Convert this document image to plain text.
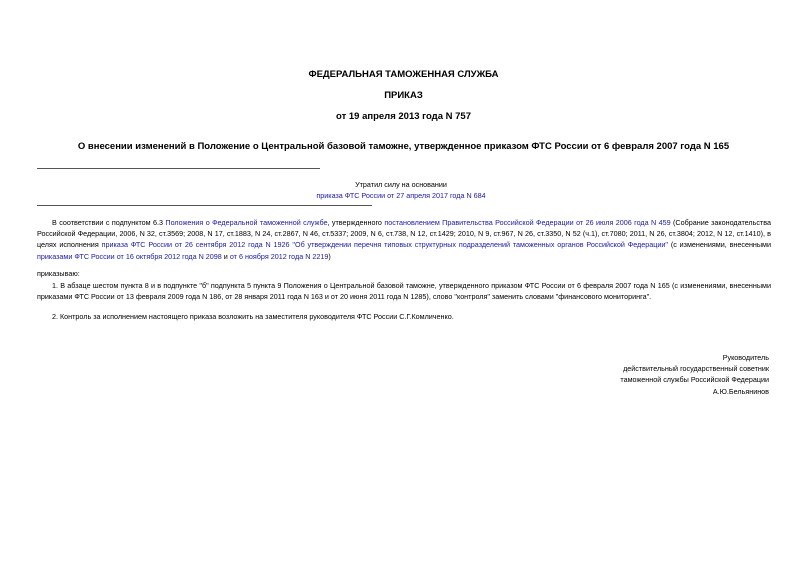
ФЕДЕРАЛЬНАЯ ТАМОЖЕННАЯ СЛУЖБА
ПРИКАЗ
от 19 апреля 2013 года N 757
О внесении изменений в Положение о Центральной базовой таможне, утвержденное приказом ФТС России от 6 февраля 2007 года N 165
Утратил силу на основании
приказа ФТС России от 27 апреля 2017 года N 684
В соответствии с подпунктом 6.3 Положения о Федеральной таможенной службе, утвержденного постановлением Правительства Российской Федерации от 26 июля 2006 года N 459 (Собрание законодательства Российской Федерации, 2006, N 32, ст.3569; 2008, N 17, ст.1883, N 24, ст.2867, N 46, ст.5337; 2009, N 6, ст.738, N 12, ст.1429; 2010, N 9, ст.967, N 26, ст.3350, N 52 (ч.1), ст.7080; 2011, N 26, ст.3804; 2012, N 12, ст.1410), в целях исполнения приказа ФТС России от 26 сентября 2012 года N 1926 "Об утверждении перечня типовых структурных подразделений таможенных органов Российской Федерации" (с изменениями, внесенными приказами ФТС России от 16 октября 2012 года N 2098 и от 6 ноября 2012 года N 2219)
приказываю:
1. В абзаце шестом пункта 8 и в подпункте "б" подпункта 5 пункта 9 Положения о Центральной базовой таможне, утвержденного приказом ФТС России от 6 февраля 2007 года N 165 (с изменениями, внесенными приказами ФТС России от 13 февраля 2009 года N 186, от 28 января 2011 года N 163 и от 20 июня 2011 года N 1285), слово "контроля" заменить словами "финансового мониторинга".
2. Контроль за исполнением настоящего приказа возложить на заместителя руководителя ФТС России С.Г.Комличенко.
Руководитель
действительный государственный советник
таможенной службы Российской Федерации
А.Ю.Бельянинов
